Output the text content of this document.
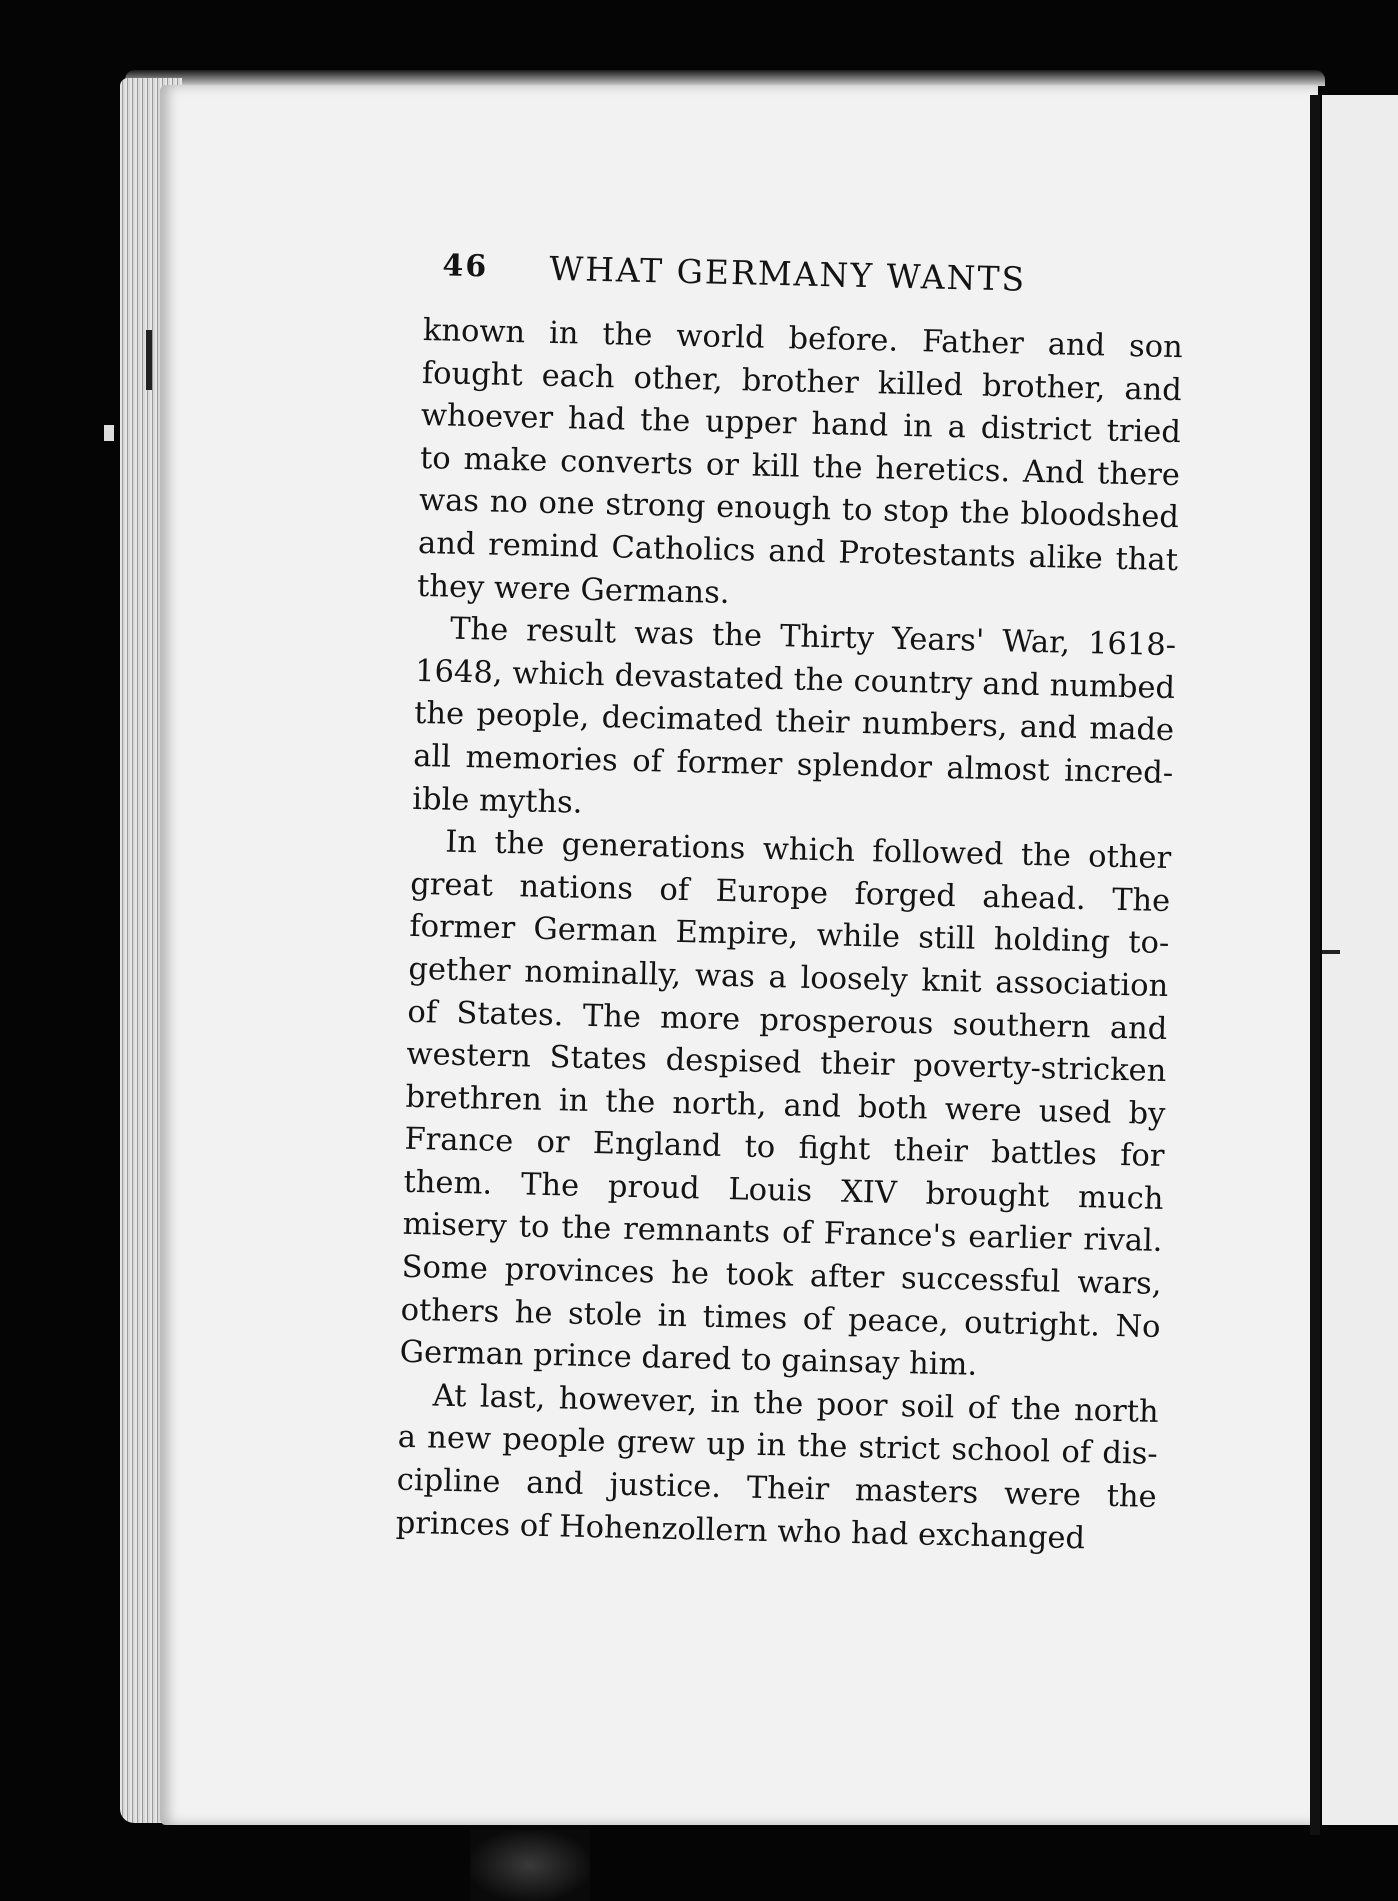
46 WHAT GERMANY WANTS
known in the world before. Father and son
fought each other, brother killed brother, and
whoever had the upper hand in a district tried
to make converts or kill the heretics. And there
was no one strong enough to stop the bloodshed
and remind Catholics and Protestants alike that
they were Germans.
The result was the Thirty Years' War, 1618-
1648, which devastated the country and numbed
the people, decimated their numbers, and made
all memories of former splendor almost incred-
ible myths.
In the generations which followed the other
great nations of Europe forged ahead. The
former German Empire, while still holding to-
gether nominally, was a loosely knit association
of States. The more prosperous southern and
western States despised their poverty-stricken
brethren in the north, and both were used by
France or England to fight their battles for
them. The proud Louis XIV brought much
misery to the remnants of France's earlier rival.
Some provinces he took after successful wars,
others he stole in times of peace, outright. No
German prince dared to gainsay him.
At last, however, in the poor soil of the north
a new people grew up in the strict school of dis-
cipline and justice. Their masters were the
princes of Hohenzollern who had exchanged
